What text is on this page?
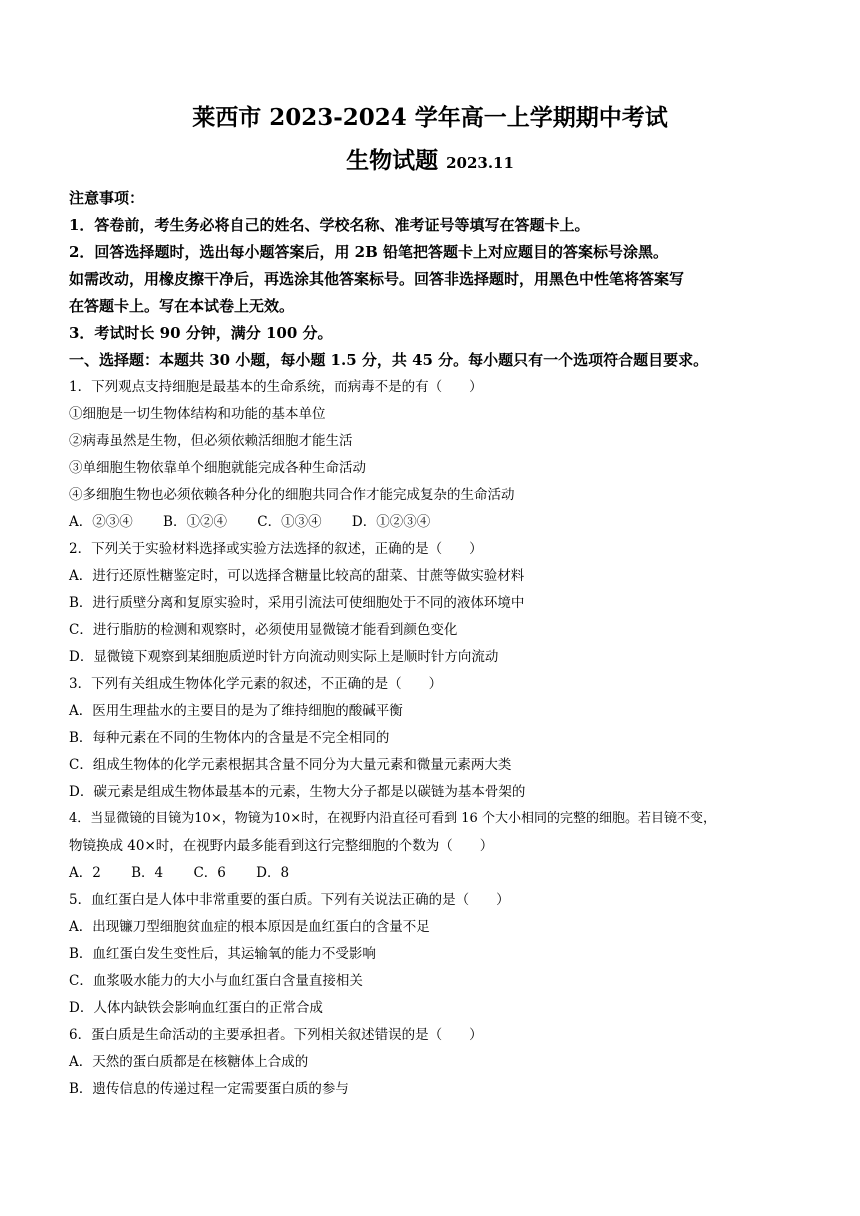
莱西市 2023-2024 学年高一上学期期中考试
生物试题 2023.11
注意事项：
1．答卷前，考生务必将自己的姓名、学校名称、准考证号等填写在答题卡上。
2．回答选择题时，选出每小题答案后，用 2B 铅笔把答题卡上对应题目的答案标号涂黑。
如需改动，用橡皮擦干净后，再选涂其他答案标号。回答非选择题时，用黑色中性笔将答案写
在答题卡上。写在本试卷上无效。
3．考试时长 90 分钟，满分 100 分。
一、选择题：本题共 30 小题，每小题 1.5 分，共 45 分。每小题只有一个选项符合题目要求。
1．下列观点支持细胞是最基本的生命系统，而病毒不是的有（　　）
①细胞是一切生物体结构和功能的基本单位
②病毒虽然是生物，但必须依赖活细胞才能生活
③单细胞生物依靠单个细胞就能完成各种生命活动
④多细胞生物也必须依赖各种分化的细胞共同合作才能完成复杂的生命活动
A．②③④ B．①②④ C．①③④ D．①②③④
2．下列关于实验材料选择或实验方法选择的叙述，正确的是（　　）
A．进行还原性糖鉴定时，可以选择含糖量比较高的甜菜、甘蔗等做实验材料
B．进行质壁分离和复原实验时，采用引流法可使细胞处于不同的液体环境中
C．进行脂肪的检测和观察时，必须使用显微镜才能看到颜色变化
D．显微镜下观察到某细胞质逆时针方向流动则实际上是顺时针方向流动
3．下列有关组成生物体化学元素的叙述，不正确的是（　　）
A．医用生理盐水的主要目的是为了维持细胞的酸碱平衡
B．每种元素在不同的生物体内的含量是不完全相同的
C．组成生物体的化学元素根据其含量不同分为大量元素和微量元素两大类
D．碳元素是组成生物体最基本的元素，生物大分子都是以碳链为基本骨架的
4．当显微镜的目镜为10×，物镜为10×时，在视野内沿直径可看到 16 个大小相同的完整的细胞。若目镜不变，
物镜换成 40×时，在视野内最多能看到这行完整细胞的个数为（　　）
A．2 B．4 C．6 D．8
5．血红蛋白是人体中非常重要的蛋白质。下列有关说法正确的是（　　）
A．出现镰刀型细胞贫血症的根本原因是血红蛋白的含量不足
B．血红蛋白发生变性后，其运输氧的能力不受影响
C．血浆吸水能力的大小与血红蛋白含量直接相关
D．人体内缺铁会影响血红蛋白的正常合成
6．蛋白质是生命活动的主要承担者。下列相关叙述错误的是（　　）
A．天然的蛋白质都是在核糖体上合成的
B．遗传信息的传递过程一定需要蛋白质的参与
